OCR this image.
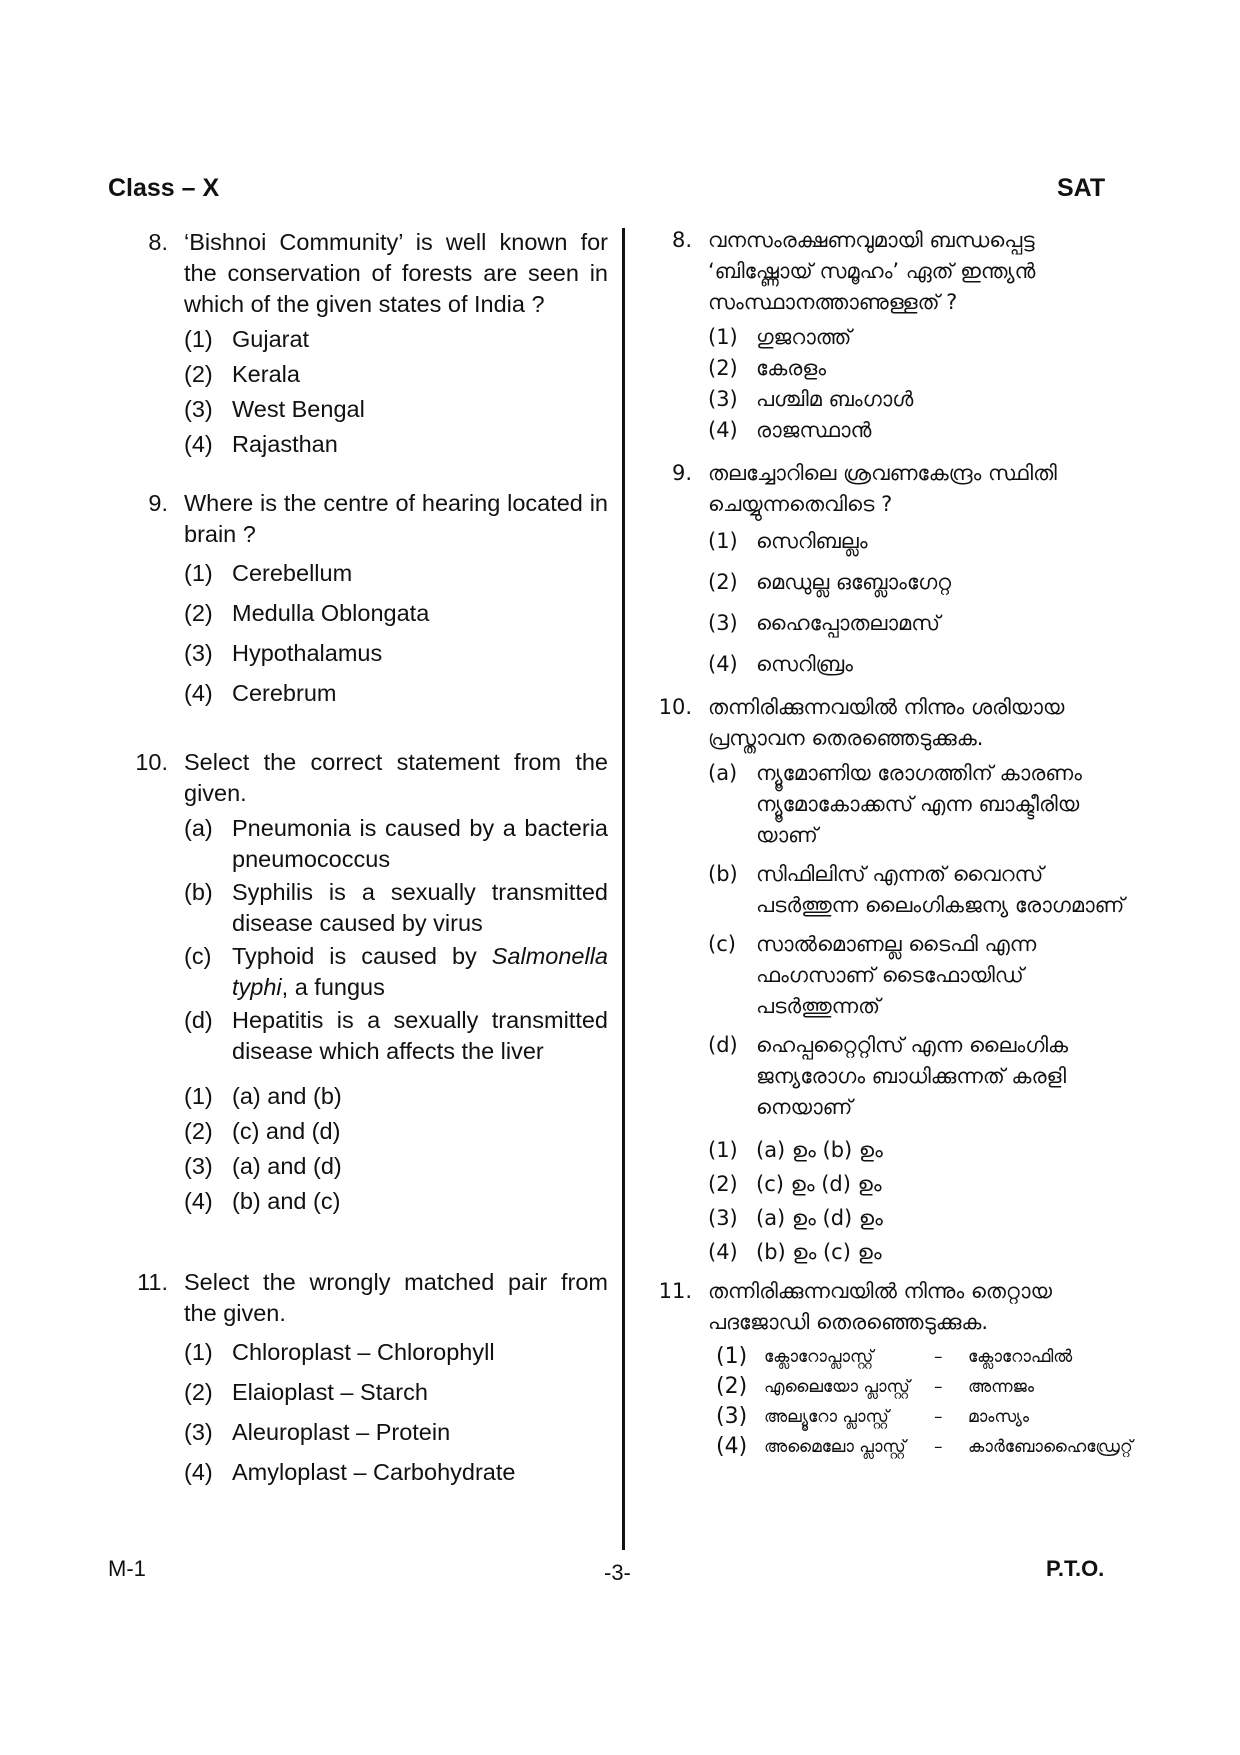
Class – X	SAT
8. ‘Bishnoi Community’ is well known for the conservation of forests are seen in which of the given states of India ?
(1) Gujarat
(2) Kerala
(3) West Bengal
(4) Rajasthan
9. Where is the centre of hearing located in brain ?
(1) Cerebellum
(2) Medulla Oblongata
(3) Hypothalamus
(4) Cerebrum
10. Select the correct statement from the given.
(a) Pneumonia is caused by a bacteria pneumococcus
(b) Syphilis is a sexually transmitted disease caused by virus
(c) Typhoid is caused by Salmonella typhi, a fungus
(d) Hepatitis is a sexually transmitted disease which affects the liver
(1) (a) and (b)
(2) (c) and (d)
(3) (a) and (d)
(4) (b) and (c)
11. Select the wrongly matched pair from the given.
(1) Chloroplast – Chlorophyll
(2) Elaioplast – Starch
(3) Aleuroplast – Protein
(4) Amyloplast – Carbohydrate
8. വനസംരക്ഷണവുമായി ബന്ധപ്പെട്ട ‘ബിഷ്ണോയ് സമൂഹം’ ഏത് ഇന്ത്യൻ സംസ്ഥാനത്താണുള്ളത് ?
(1) ഗുജറാത്ത്
(2) കേരളം
(3) പശ്ചിമ ബംഗാൾ
(4) രാജസ്ഥാൻ
9. തലച്ചോറിലെ ശ്രവണകേന്ദ്രം സ്ഥിതി ചെയ്യുന്നതെവിടെ ?
(1) സെറിബല്ലം
(2) മെഡുല്ല ഒബ്ലോംഗേറ്റ
(3) ഹൈപ്പോതലാമസ്
(4) സെറിബ്രം
10. തന്നിരിക്കുന്നവയിൽ നിന്നും ശരിയായ പ്രസ്താവന തെരഞ്ഞെടുക്കുക.
(a) ന്യൂമോണിയ രോഗത്തിന് കാരണം ന്യൂമോകോക്കസ് എന്ന ബാക്ടീരിയ യാണ്
(b) സിഫിലിസ് എന്നത് വൈറസ് പടർത്തുന്ന ലൈംഗികജന്യ രോഗമാണ്
(c) സാൽമൊണല്ല ടൈഫി എന്ന ഫംഗസാണ് ടൈഫോയിഡ് പടർത്തുന്നത്
(d) ഹെപ്പറ്റൈറ്റിസ് എന്ന ലൈംഗിക ജന്യരോഗം ബാധിക്കുന്നത് കരളി നെയാണ്
(1) (a) ഉം (b) ഉം
(2) (c) ഉം (d) ഉം
(3) (a) ഉം (d) ഉം
(4) (b) ഉം (c) ഉം
11. തന്നിരിക്കുന്നവയിൽ നിന്നും തെറ്റായ പദജോഡി തെരഞ്ഞെടുക്കുക.
(1) ക്ലോറോപ്ലാസ്റ്റ്	–	ക്ലോറോഫിൽ
(2) എലൈയോ പ്ലാസ്റ്റ്	–	അന്നജം
(3) അല്യൂറോ പ്ലാസ്റ്റ്	–	മാംസ്യം
(4) അമൈലോ പ്ലാസ്റ്റ്	–	കാർബോഹൈഡ്രേറ്റ്
M-1	-3-	P.T.O.
